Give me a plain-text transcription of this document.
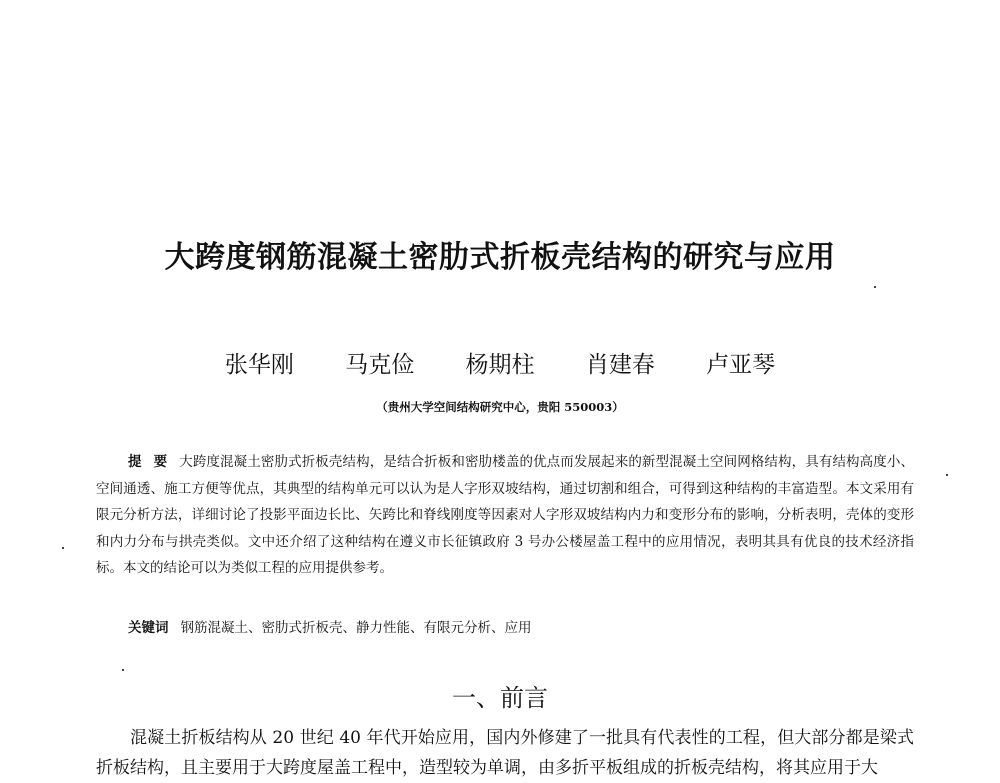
大跨度钢筋混凝土密肋式折板壳结构的研究与应用
张华刚 马克俭 杨期柱 肖建春 卢亚琴
（贵州大学空间结构研究中心，贵阳 550003）
提要大跨度混凝土密肋式折板壳结构，是结合折板和密肋楼盖的优点而发展起来的新型混凝土空间网格结构，具有结构高度小、空间通透、施工方便等优点，其典型的结构单元可以认为是人字形双坡结构，通过切割和组合，可得到这种结构的丰富造型。本文采用有限元分析方法，详细讨论了投影平面边长比、矢跨比和脊线刚度等因素对人字形双坡结构内力和变形分布的影响，分析表明，壳体的变形和内力分布与拱壳类似。文中还介绍了这种结构在遵义市长征镇政府 3 号办公楼屋盖工程中的应用情况，表明其具有优良的技术经济指标。本文的结论可以为类似工程的应用提供参考。
关键词 钢筋混凝土、密肋式折板壳、静力性能、有限元分析、应用
一、前言
混凝土折板结构从 20 世纪 40 年代开始应用，国内外修建了一批具有代表性的工程，但大部分都是梁式折板结构，且主要用于大跨度屋盖工程中，造型较为单调，由多折平板组成的折板壳结构，将其应用于大
